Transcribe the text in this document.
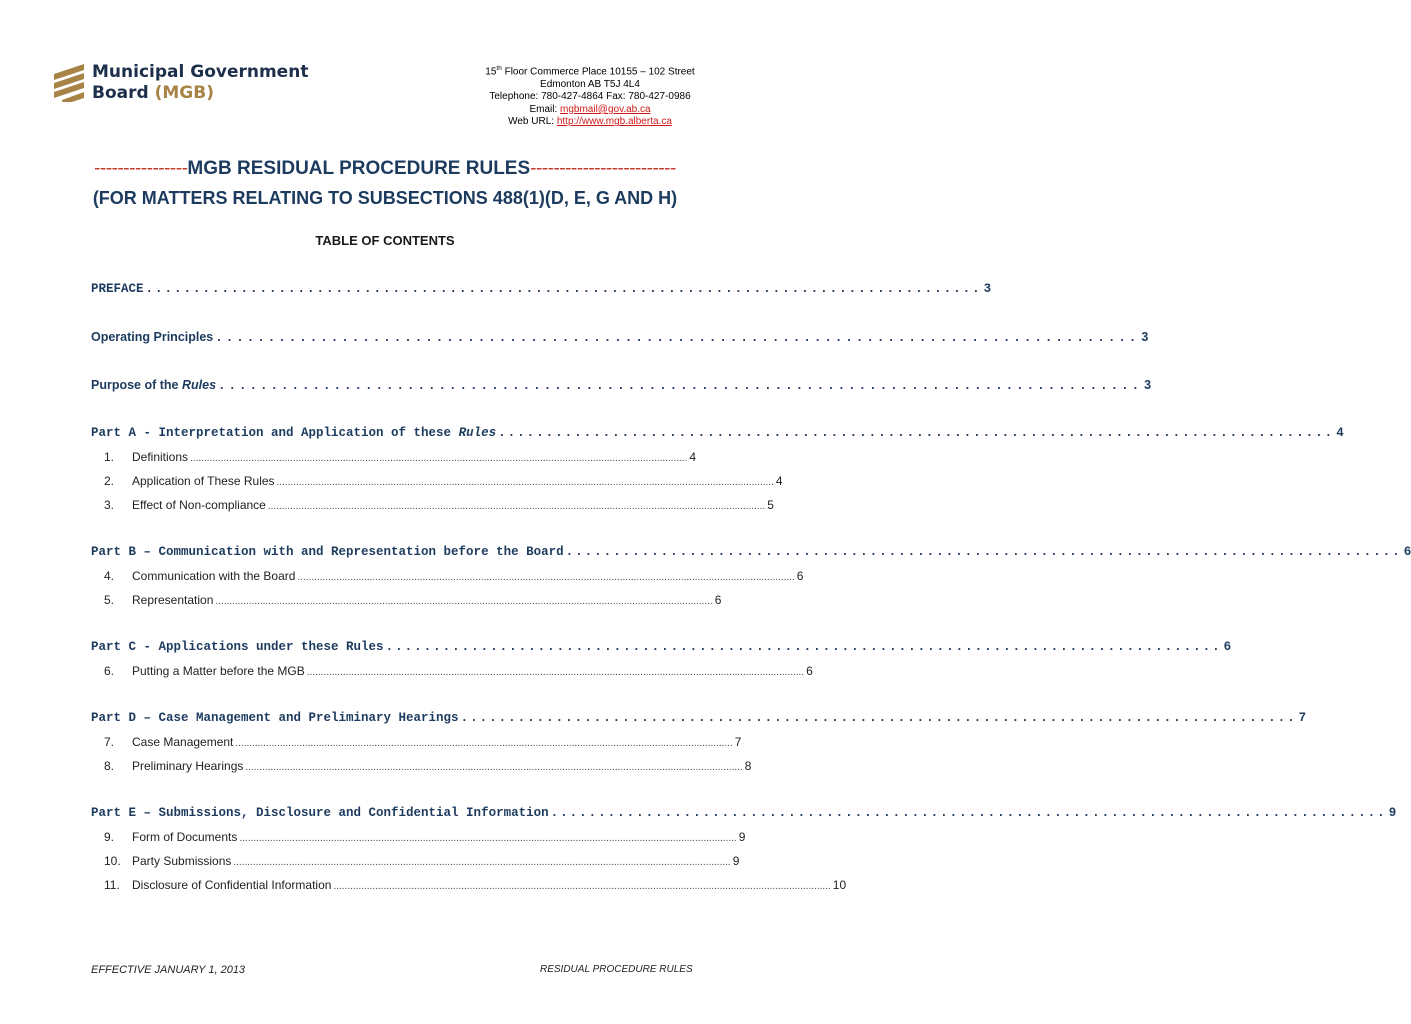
Municipal Government
Board (MGB)
15th Floor Commerce Place 10155 – 102 Street
Edmonton AB T5J 4L4
Telephone: 780-427-4864 Fax: 780-427-0986
Email: mgbmail@gov.ab.ca
Web URL: http://www.mgb.alberta.ca
----------------MGB RESIDUAL PROCEDURE RULES-------------------------
(FOR MATTERS RELATING TO SUBSECTIONS 488(1)(D, E, G AND H)
TABLE OF CONTENTS
PREFACE ........................................................................................ 3
Operating Principles ........................................................................................ 3
Purpose of the Rules ........................................................................................ 3
Part A - Interpretation and Application of these Rules ........................................................................................ 4
1. Definitions ................................................................................................................................................................................... 4
2. Application of These Rules ................................................................................................................................................................................... 4
3. Effect of Non-compliance ................................................................................................................................................................................... 5
Part B – Communication with and Representation before the Board ........................................................................................ 6
4. Communication with the Board ................................................................................................................................................................................... 6
5. Representation ................................................................................................................................................................................... 6
Part C - Applications under these Rules ........................................................................................ 6
6. Putting a Matter before the MGB ................................................................................................................................................................................... 6
Part D – Case Management and Preliminary Hearings ........................................................................................ 7
7. Case Management ................................................................................................................................................................................... 7
8. Preliminary Hearings ................................................................................................................................................................................... 8
Part E – Submissions, Disclosure and Confidential Information ........................................................................................ 9
9. Form of Documents ................................................................................................................................................................................... 9
10. Party Submissions ................................................................................................................................................................................... 9
11. Disclosure of Confidential Information ................................................................................................................................................................................... 10
EFFECTIVE JANUARY 1, 2013	RESIDUAL PROCEDURE RULES
